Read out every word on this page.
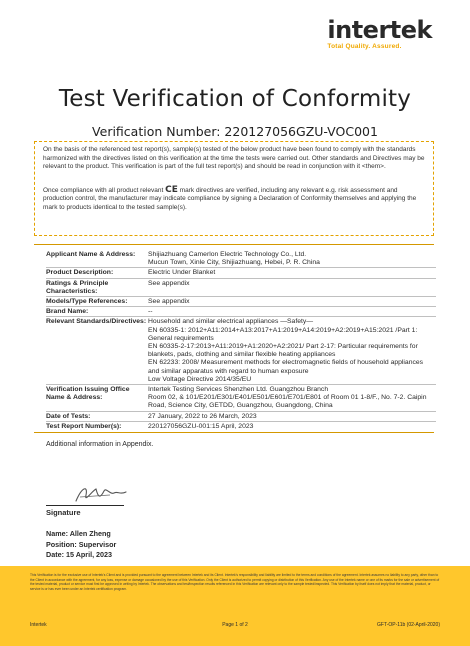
intertek
Total Quality. Assured.
Test Verification of Conformity
Verification Number: 220127056GZU-VOC001

On the basis of the referenced test report(s), sample(s) tested of the below product have been found to comply with the standards harmonized with the directives listed on this verification at the time the tests were carried out. Other standards and Directives may be relevant to the product. This verification is part of the full test report(s) and should be read in conjunction with it <them>.

Once compliance with all product relevant CE mark directives are verified, including any relevant e.g. risk assessment and production control, the manufacturer may indicate compliance by signing a Declaration of Conformity themselves and applying the mark to products identical to the tested sample(s).

Applicant Name & Address:	Shijiazhuang Camerlon Electric Technology Co., Ltd.
Mucun Town, Xinle City, Shijiazhuang, Hebei, P. R. China

Product Description:	Electric Under Blanket
Ratings & Principle Characteristics:	See appendix
Models/Type References:	See appendix
Brand Name:	--
Relevant Standards/Directives:	Household and similar electrical appliances —Safety—
EN 60335-1: 2012+A11:2014+A13:2017+A1:2019+A14:2019+A2:2019+A15:2021 /Part 1: General requirements
EN 60335-2-17:2013+A11:2019+A1:2020+A2:2021/ Part 2-17: Particular requirements for blankets, pads, clothing and similar flexible heating appliances
EN 62233: 2008/ Measurement methods for electromagnetic fields of household appliances and similar apparatus with regard to human exposure
Low Voltage Directive 2014/35/EU

Verification Issuing Office Name & Address:	Intertek Testing Services Shenzhen Ltd. Guangzhou Branch
Room 02, & 101/E201/E301/E401/E501/E601/E701/E801 of Room 01 1-8/F., No. 7-2. Caipin Road, Science City, GETDD, Guangzhou, Guangdong, China

Date of Tests:	27 January, 2022 to 26 March, 2023
Test Report Number(s):	220127056GZU-001:15 April, 2023
Additional information in Appendix.
Signature
Name: Allen Zheng
Position: Supervisor
Date: 15 April, 2023
This Verification is for the exclusive use of Intertek's Client and is provided pursuant to the agreement between Intertek and its Client. Intertek's responsibility and liability are limited to the terms and conditions of the agreement. Intertek assumes no liability to any party, other than to the Client in accordance with the agreement, for any loss, expense or damage occasioned by the use of this Verification. Only the Client is authorized to permit copying or distribution of this Verification. Any use of the Intertek name or one of its marks for the sale or advertisement of the tested material, product or service must first be approved in writing by Intertek. The observations and test/inspection results referenced in this Verification are relevant only to the sample tested/inspected. This Verification by itself does not imply that the material, product, or service is or has ever been under an Intertek certification program.
Intertek	Page 1 of 2	GFT-OP-11b (02-April-2020)
